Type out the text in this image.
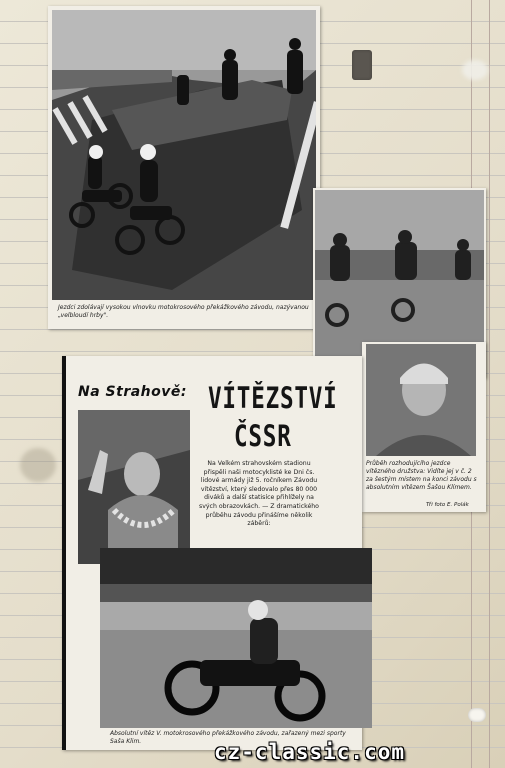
Jezdci zdolávají vysokou vlnovku motokrosového překážkového závodu, nazývanou „velbloudí hrby".
Průběh rozhodujícího jezdce vítězného družstva: Vidíte jej v č. 2 za šestým místem na konci závodu s absolutním vítězem Šašou Klímem.
Tři foto E. Polák
Na Strahově: VÍTĚZSTVÍ
ČSSR
Na Velkém strahovském stadionu přispěli naši motocyklisté ke Dni čs. lidové armády již 5. ročníkem Závodu vítězství, který sledovalo přes 80 000 diváků a další statisíce přihlížely na svých obrazovkách. — Z dramatického průběhu závodu přinášíme několik záběrů:
Absolutní vítěz V. motokrosového překážkového závodu, zařazený mezi sporty Saša Klim.	cz-classic.com
